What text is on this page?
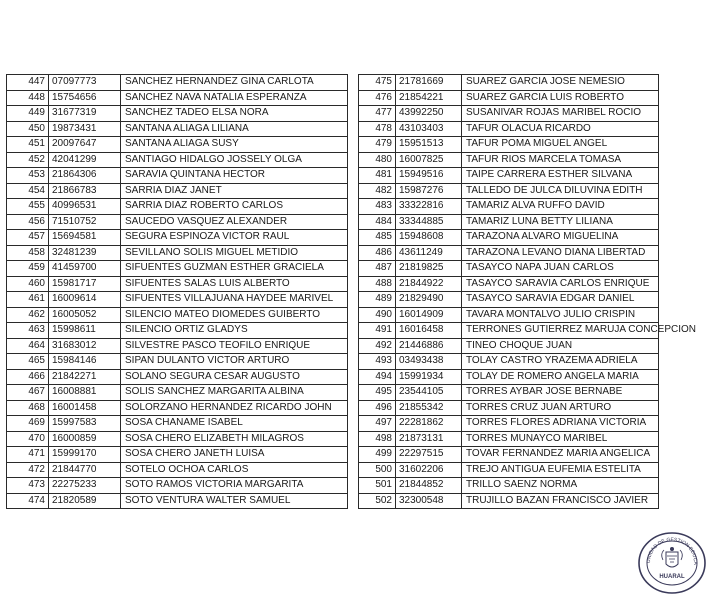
447	07097773	SANCHEZ HERNANDEZ GINA CARLOTA
448	15754656	SANCHEZ NAVA NATALIA ESPERANZA
449	31677319	SANCHEZ TADEO ELSA NORA
450	19873431	SANTANA ALIAGA LILIANA
451	20097647	SANTANA ALIAGA SUSY
452	42041299	SANTIAGO HIDALGO JOSSELY OLGA
453	21864306	SARAVIA QUINTANA HECTOR
454	21866783	SARRIA DIAZ JANET
455	40996531	SARRIA DIAZ ROBERTO CARLOS
456	71510752	SAUCEDO VASQUEZ ALEXANDER
457	15694581	SEGURA ESPINOZA VICTOR RAUL
458	32481239	SEVILLANO SOLIS MIGUEL METIDIO
459	41459700	SIFUENTES GUZMAN ESTHER GRACIELA
460	15981717	SIFUENTES SALAS LUIS ALBERTO
461	16009614	SIFUENTES VILLAJUANA HAYDEE MARIVEL
462	16005052	SILENCIO MATEO DIOMEDES GUIBERTO
463	15998611	SILENCIO ORTIZ GLADYS
464	31683012	SILVESTRE PASCO TEOFILO ENRIQUE
465	15984146	SIPAN DULANTO VICTOR ARTURO
466	21842271	SOLANO SEGURA CESAR AUGUSTO
467	16008881	SOLIS SANCHEZ MARGARITA ALBINA
468	16001458	SOLORZANO HERNANDEZ RICARDO JOHN
469	15997583	SOSA CHANAME ISABEL
470	16000859	SOSA CHERO ELIZABETH MILAGROS
471	15999170	SOSA CHERO JANETH LUISA
472	21844770	SOTELO OCHOA CARLOS
473	22275233	SOTO RAMOS VICTORIA MARGARITA
474	21820589	SOTO VENTURA WALTER SAMUEL
475	21781669	SUAREZ GARCIA JOSE NEMESIO
476	21854221	SUAREZ GARCIA LUIS ROBERTO
477	43992250	SUSANIVAR ROJAS MARIBEL ROCIO
478	43103403	TAFUR OLACUA RICARDO
479	15951513	TAFUR POMA MIGUEL ANGEL
480	16007825	TAFUR RIOS MARCELA TOMASA
481	15949516	TAIPE CARRERA ESTHER SILVANA
482	15987276	TALLEDO DE JULCA DILUVINA EDITH
483	33322816	TAMARIZ ALVA RUFFO DAVID
484	33344885	TAMARIZ LUNA BETTY LILIANA
485	15948608	TARAZONA ALVARO MIGUELINA
486	43611249	TARAZONA LEVANO DIANA LIBERTAD
487	21819825	TASAYCO NAPA JUAN CARLOS
488	21844922	TASAYCO SARAVIA CARLOS ENRIQUE
489	21829490	TASAYCO SARAVIA EDGAR DANIEL
490	16014909	TAVARA MONTALVO JULIO CRISPIN
491	16016458	TERRONES GUTIERREZ MARUJA CONCEPCION
492	21446886	TINEO CHOQUE JUAN
493	03493438	TOLAY CASTRO YRAZEMA ADRIELA
494	15991934	TOLAY DE ROMERO ANGELA MARIA
495	23544105	TORRES AYBAR JOSE BERNABE
496	21855342	TORRES CRUZ JUAN ARTURO
497	22281862	TORRES FLORES ADRIANA VICTORIA
498	21873131	TORRES MUNAYCO MARIBEL
499	22297515	TOVAR FERNANDEZ MARIA ANGELICA
500	31602206	TREJO ANTIGUA EUFEMIA ESTELITA
501	21844852	TRILLO SAENZ NORMA
502	32300548	TRUJILLO BAZAN FRANCISCO JAVIER
UNIDAD DE GESTION EDUCA
HUARAL
